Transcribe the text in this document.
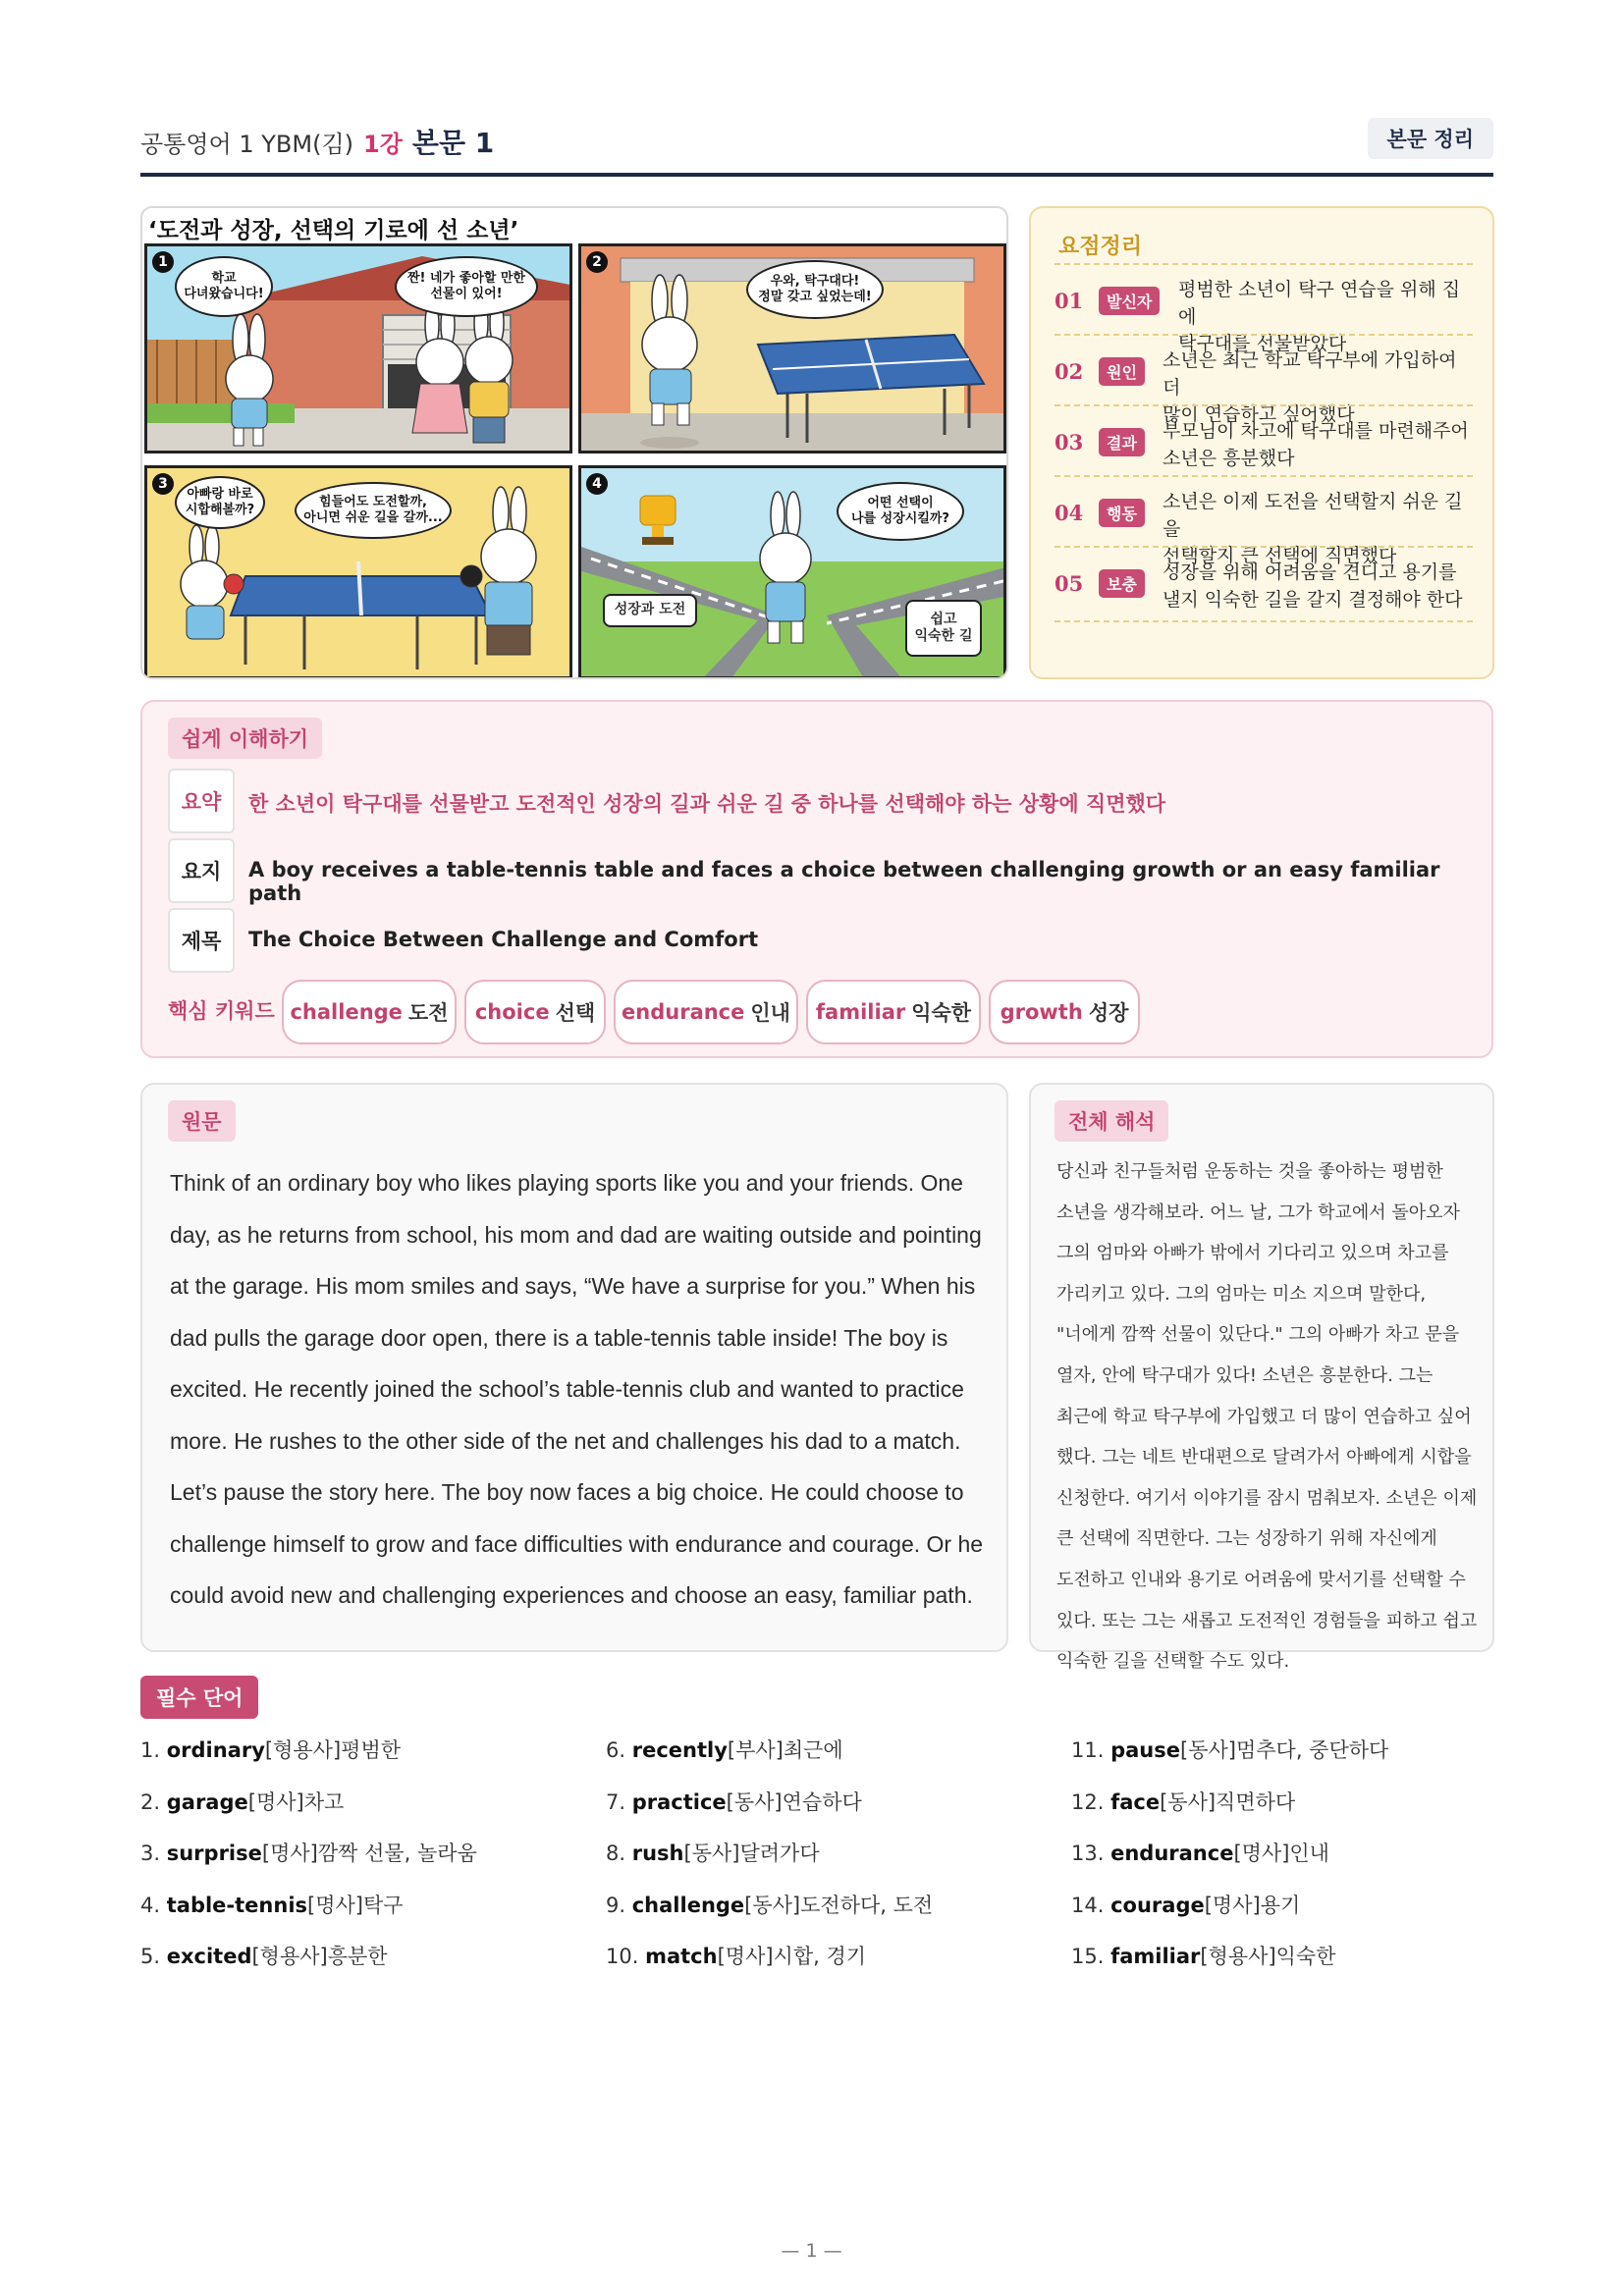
공통영어 1 YBM(김) 1강 본문 1	본문 정리
‘도전과 성장, 선택의 기로에 선 소년’
1
학교
다녀왔습니다!
짠! 네가 좋아할 만한
선물이 있어!
2
우와, 탁구대다!
정말 갖고 싶었는데!
3
아빠랑 바로
시합해볼까?
힘들어도 도전할까,
아니면 쉬운 길을 갈까...
4
어떤 선택이
나를 성장시킬까?
성장과 도전
쉽고
익숙한 길
요점정리
01	발신자
평범한 소년이 탁구 연습을 위해 집에
탁구대를 선물받았다
02	원인
소년은 최근 학교 탁구부에 가입하여 더
많이 연습하고 싶어했다
03	결과
부모님이 차고에 탁구대를 마련해주어
소년은 흥분했다
04	행동
소년은 이제 도전을 선택할지 쉬운 길을
선택할지 큰 선택에 직면했다
05	보충
성장을 위해 어려움을 견디고 용기를
낼지 익숙한 길을 갈지 결정해야 한다
쉽게 이해하기
요약	한 소년이 탁구대를 선물받고 도전적인 성장의 길과 쉬운 길 중 하나를 선택해야 하는 상황에 직면했다
요지	A boy receives a table-tennis table and faces a choice between challenging growth or an easy familiar path
제목	The Choice Between Challenge and Comfort
핵심 키워드 challenge 도전 choice 선택 endurance 인내 familiar 익숙한 growth 성장
원문
Think of an ordinary boy who likes playing sports like you and your friends. One day, as he returns from school, his mom and dad are waiting outside and pointing at the garage. His mom smiles and says, “We have a surprise for you.” When his dad pulls the garage door open, there is a table-tennis table inside! The boy is excited. He recently joined the school’s table-tennis club and wanted to practice more. He rushes to the other side of the net and challenges his dad to a match. Let’s pause the story here. The boy now faces a big choice. He could choose to challenge himself to grow and face difficulties with endurance and courage. Or he could avoid new and challenging experiences and choose an easy, familiar path.
전체 해석
당신과 친구들처럼 운동하는 것을 좋아하는 평범한 소년을 생각해보라. 어느 날, 그가 학교에서 돌아오자 그의 엄마와 아빠가 밖에서 기다리고 있으며 차고를 가리키고 있다. 그의 엄마는 미소 지으며 말한다, "너에게 깜짝 선물이 있단다." 그의 아빠가 차고 문을 열자, 안에 탁구대가 있다! 소년은 흥분한다. 그는 최근에 학교 탁구부에 가입했고 더 많이 연습하고 싶어 했다. 그는 네트 반대편으로 달려가서 아빠에게 시합을 신청한다. 여기서 이야기를 잠시 멈춰보자. 소년은 이제 큰 선택에 직면한다. 그는 성장하기 위해 자신에게 도전하고 인내와 용기로 어려움에 맞서기를 선택할 수 있다. 또는 그는 새롭고 도전적인 경험들을 피하고 쉽고 익숙한 길을 선택할 수도 있다.
필수 단어
1. ordinary[형용사]평범한
2. garage[명사]차고
3. surprise[명사]깜짝 선물, 놀라움
4. table-tennis[명사]탁구
5. excited[형용사]흥분한
6. recently[부사]최근에
7. practice[동사]연습하다
8. rush[동사]달려가다
9. challenge[동사]도전하다, 도전
10. match[명사]시합, 경기
11. pause[동사]멈추다, 중단하다
12. face[동사]직면하다
13. endurance[명사]인내
14. courage[명사]용기
15. familiar[형용사]익숙한
— 1 —
